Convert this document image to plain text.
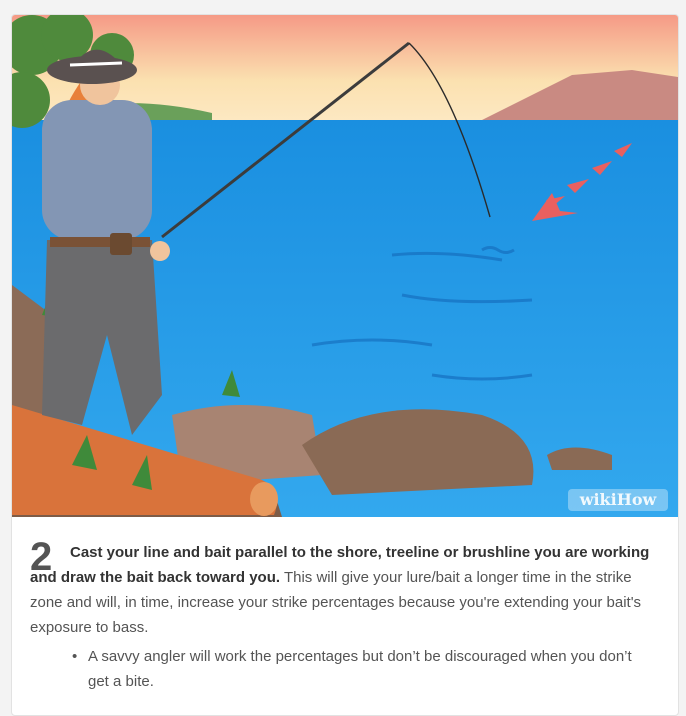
wikiHow
2	Cast your line and bait parallel to the shore, treeline or brushline you are working and draw the bait back toward you. This will give your lure/bait a longer time in the strike zone and will, in time, increase your strike percentages because you're extending your bait's exposure to bass.

• A savvy angler will work the percentages but don’t be discouraged when you don’t get a bite.
